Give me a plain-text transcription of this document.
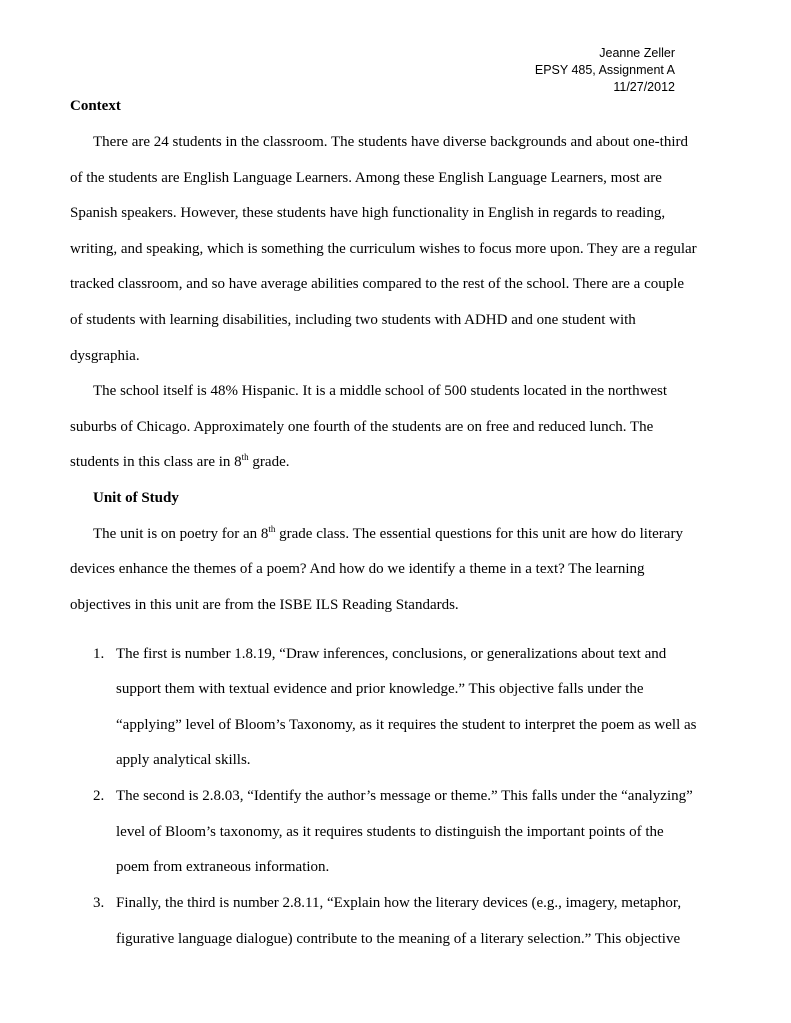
Jeanne Zeller
EPSY 485, Assignment A
11/27/2012
Context
There are 24 students in the classroom. The students have diverse backgrounds and about one-third
of the students are English Language Learners. Among these English Language Learners, most are
Spanish speakers. However, these students have high functionality in English in regards to reading,
writing, and speaking, which is something the curriculum wishes to focus more upon. They are a regular
tracked classroom, and so have average abilities compared to the rest of the school. There are a couple
of students with learning disabilities, including two students with ADHD and one student with
dysgraphia.
The school itself is 48% Hispanic. It is a middle school of 500 students located in the northwest
suburbs of Chicago. Approximately one fourth of the students are on free and reduced lunch. The
students in this class are in 8th grade.
Unit of Study
The unit is on poetry for an 8th grade class. The essential questions for this unit are how do literary
devices enhance the themes of a poem? And how do we identify a theme in a text? The learning
objectives in this unit are from the ISBE ILS Reading Standards.
1. The first is number 1.8.19, “Draw inferences, conclusions, or generalizations about text and
support them with textual evidence and prior knowledge.” This objective falls under the
“applying” level of Bloom’s Taxonomy, as it requires the student to interpret the poem as well as
apply analytical skills.
2. The second is 2.8.03, “Identify the author’s message or theme.” This falls under the “analyzing”
level of Bloom’s taxonomy, as it requires students to distinguish the important points of the
poem from extraneous information.
3. Finally, the third is number 2.8.11, “Explain how the literary devices (e.g., imagery, metaphor,
figurative language dialogue) contribute to the meaning of a literary selection.” This objective
